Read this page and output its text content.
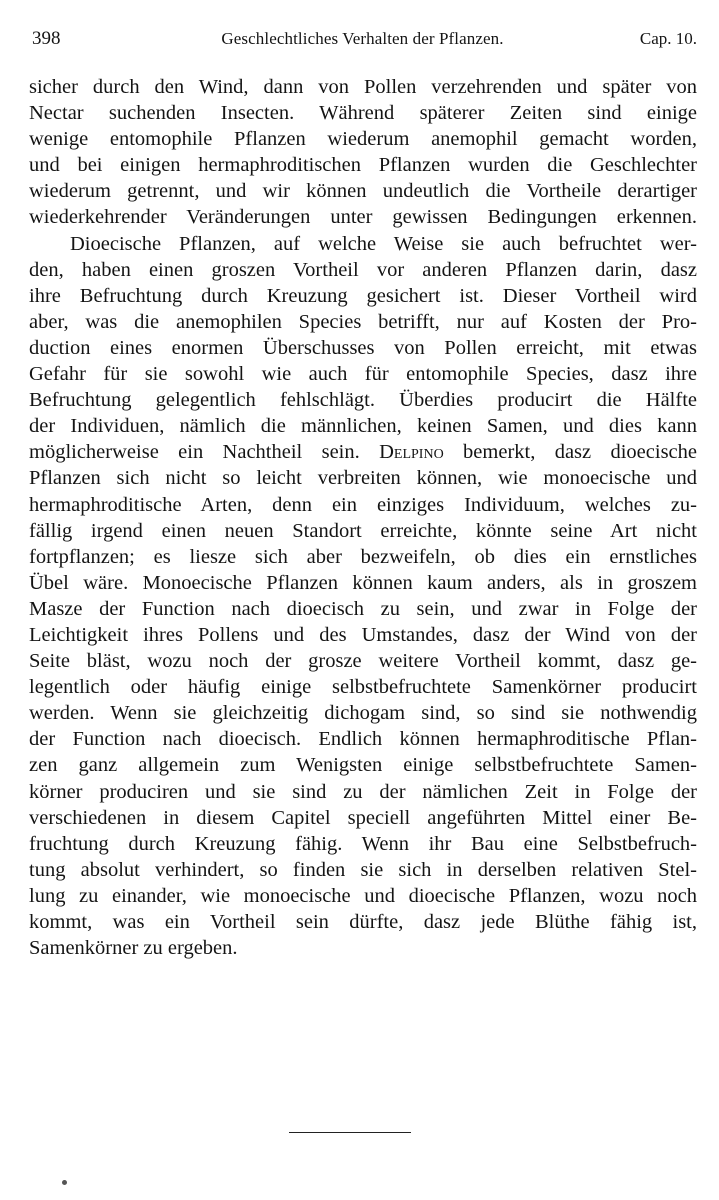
398	Geschlechtliches Verhalten der Pflanzen.	Cap. 10.
sicher durch den Wind, dann von Pollen verzehrenden und später von
Nectar suchenden Insecten. Während späterer Zeiten sind einige
wenige entomophile Pflanzen wiederum anemophil gemacht worden,
und bei einigen hermaphroditischen Pflanzen wurden die Geschlechter
wiederum getrennt, und wir können undeutlich die Vortheile derartiger
wiederkehrender Veränderungen unter gewissen Bedingungen erkennen.
Dioecische Pflanzen, auf welche Weise sie auch befruchtet wer-
den, haben einen groszen Vortheil vor anderen Pflanzen darin, dasz
ihre Befruchtung durch Kreuzung gesichert ist. Dieser Vortheil wird
aber, was die anemophilen Species betrifft, nur auf Kosten der Pro-
duction eines enormen Überschusses von Pollen erreicht, mit etwas
Gefahr für sie sowohl wie auch für entomophile Species, dasz ihre
Befruchtung gelegentlich fehlschlägt. Überdies producirt die Hälfte
der Individuen, nämlich die männlichen, keinen Samen, und dies kann
möglicherweise ein Nachtheil sein. Delpino bemerkt, dasz dioecische
Pflanzen sich nicht so leicht verbreiten können, wie monoecische und
hermaphroditische Arten, denn ein einziges Individuum, welches zu-
fällig irgend einen neuen Standort erreichte, könnte seine Art nicht
fortpflanzen; es liesze sich aber bezweifeln, ob dies ein ernstliches
Übel wäre. Monoecische Pflanzen können kaum anders, als in groszem
Masze der Function nach dioecisch zu sein, und zwar in Folge der
Leichtigkeit ihres Pollens und des Umstandes, dasz der Wind von der
Seite bläst, wozu noch der grosze weitere Vortheil kommt, dasz ge-
legentlich oder häufig einige selbstbefruchtete Samenkörner producirt
werden. Wenn sie gleichzeitig dichogam sind, so sind sie nothwendig
der Function nach dioecisch. Endlich können hermaphroditische Pflan-
zen ganz allgemein zum Wenigsten einige selbstbefruchtete Samen-
körner produciren und sie sind zu der nämlichen Zeit in Folge der
verschiedenen in diesem Capitel speciell angeführten Mittel einer Be-
fruchtung durch Kreuzung fähig. Wenn ihr Bau eine Selbstbefruch-
tung absolut verhindert, so finden sie sich in derselben relativen Stel-
lung zu einander, wie monoecische und dioecische Pflanzen, wozu noch
kommt, was ein Vortheil sein dürfte, dasz jede Blüthe fähig ist,
Samenkörner zu ergeben.
